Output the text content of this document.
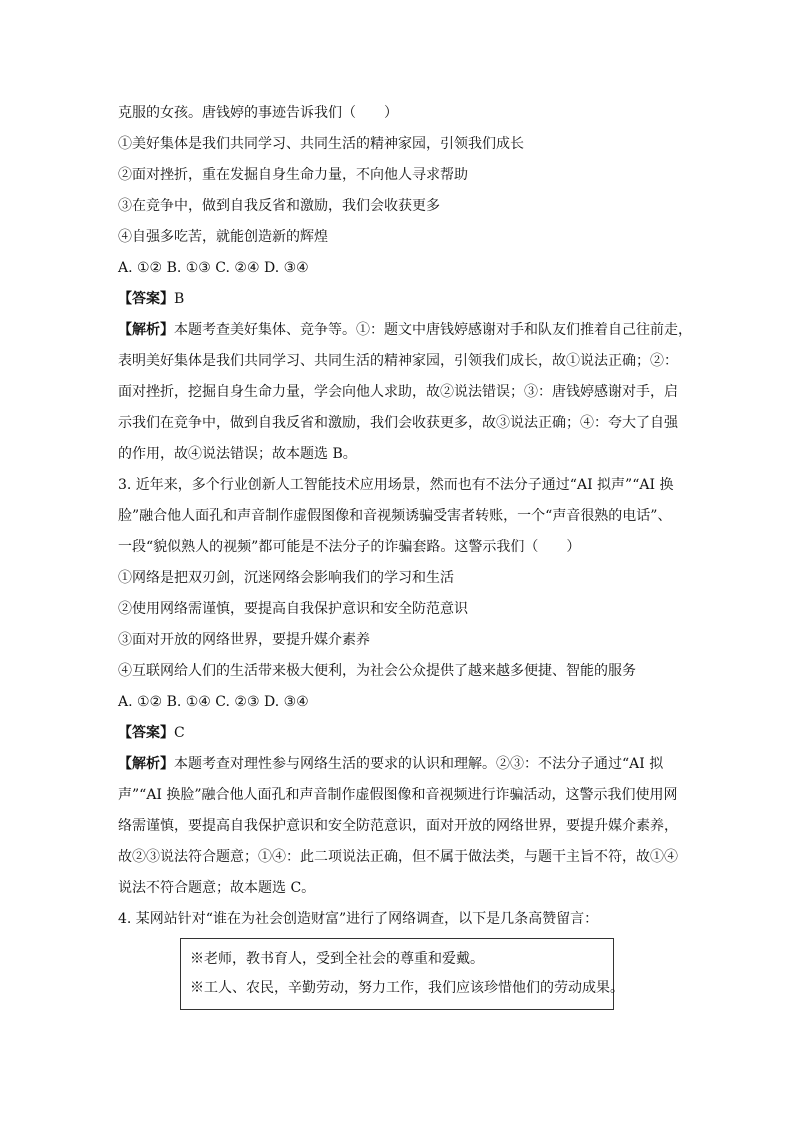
克服的女孩。唐钱婷的事迹告诉我们（　　）
①美好集体是我们共同学习、共同生活的精神家园，引领我们成长
②面对挫折，重在发掘自身生命力量，不向他人寻求帮助
③在竞争中，做到自我反省和激励，我们会收获更多
④自强多吃苦，就能创造新的辉煌
A. ①② B. ①③ C. ②④ D. ③④
【答案】B
【解析】本题考查美好集体、竞争等。①：题文中唐钱婷感谢对手和队友们推着自己往前走，
表明美好集体是我们共同学习、共同生活的精神家园，引领我们成长，故①说法正确；②：
面对挫折，挖掘自身生命力量，学会向他人求助，故②说法错误；③：唐钱婷感谢对手，启
示我们在竞争中，做到自我反省和激励，我们会收获更多，故③说法正确；④：夸大了自强
的作用，故④说法错误；故本题选 B。
3. 近年来，多个行业创新人工智能技术应用场景，然而也有不法分子通过“AI 拟声”“AI 换
脸”融合他人面孔和声音制作虚假图像和音视频诱骗受害者转账，一个“声音很熟的电话”、
一段“貌似熟人的视频”都可能是不法分子的诈骗套路。这警示我们（　　）
①网络是把双刃剑，沉迷网络会影响我们的学习和生活
②使用网络需谨慎，要提高自我保护意识和安全防范意识
③面对开放的网络世界，要提升媒介素养
④互联网给人们的生活带来极大便利，为社会公众提供了越来越多便捷、智能的服务
A. ①② B. ①④ C. ②③ D. ③④
【答案】C
【解析】本题考查对理性参与网络生活的要求的认识和理解。②③：不法分子通过“AI 拟
声”“AI 换脸”融合他人面孔和声音制作虚假图像和音视频进行诈骗活动，这警示我们使用网
络需谨慎，要提高自我保护意识和安全防范意识，面对开放的网络世界，要提升媒介素养，
故②③说法符合题意；①④：此二项说法正确，但不属于做法类，与题干主旨不符，故①④
说法不符合题意；故本题选 C。
4. 某网站针对“谁在为社会创造财富”进行了网络调查，以下是几条高赞留言：
※老师，教书育人，受到全社会的尊重和爱戴。
※工人、农民，辛勤劳动，努力工作，我们应该珍惜他们的劳动成果。
